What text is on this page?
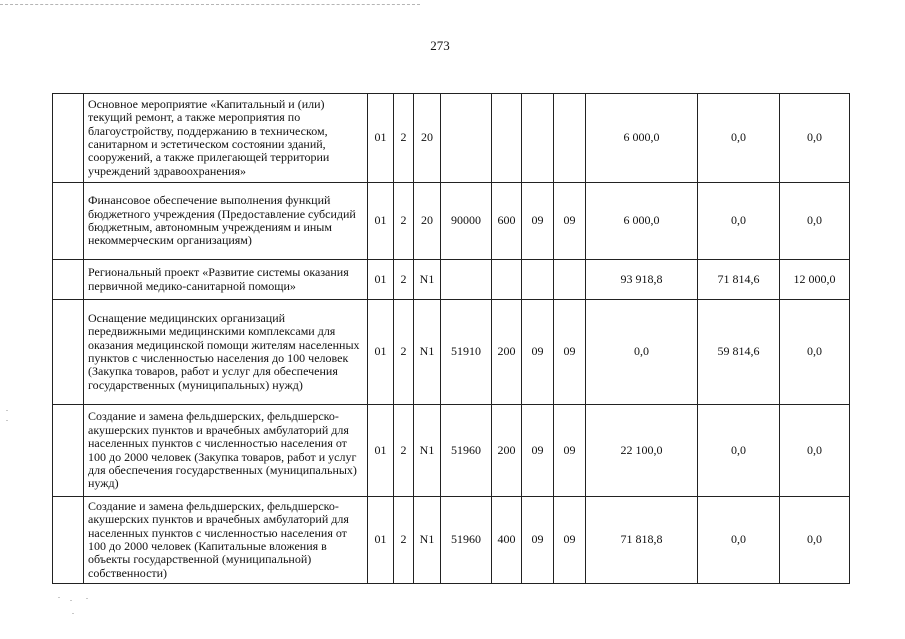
273
	Основное мероприятие «Капитальный и (или) текущий ремонт, а также мероприятия по благоустройству, поддержанию в техническом, санитарном и эстетическом состоянии зданий, сооружений, а также прилегающей территории учреждений здравоохранения»	01	2	20					6 000,0	0,0	0,0
	Финансовое обеспечение выполнения функций бюджетного учреждения (Предоставление субсидий бюджетным, автономным учреждениям и иным некоммерческим организациям)	01	2	20	90000	600	09	09	6 000,0	0,0	0,0
	Региональный проект «Развитие системы оказания первичной медико-санитарной помощи»	01	2	N1					93 918,8	71 814,6	12 000,0
	Оснащение медицинских организаций передвижными медицинскими комплексами для оказания медицинской помощи жителям населенных пунктов с численностью населения до 100 человек (Закупка товаров, работ и услуг для обеспечения государственных (муниципальных) нужд)	01	2	N1	51910	200	09	09	0,0	59 814,6	0,0
	Создание и замена фельдшерских, фельдшерско-акушерских пунктов и врачебных амбулаторий для населенных пунктов с численностью населения от 100 до 2000 человек (Закупка товаров, работ и услуг для обеспечения государственных (муниципальных) нужд)	01	2	N1	51960	200	09	09	22 100,0	0,0	0,0
	Создание и замена фельдшерских, фельдшерско-акушерских пунктов и врачебных амбулаторий для населенных пунктов с численностью населения от 100 до 2000 человек (Капитальные вложения в объекты государственной (муниципальной) собственности)	01	2	N1	51960	400	09	09	71 818,8	0,0	0,0
